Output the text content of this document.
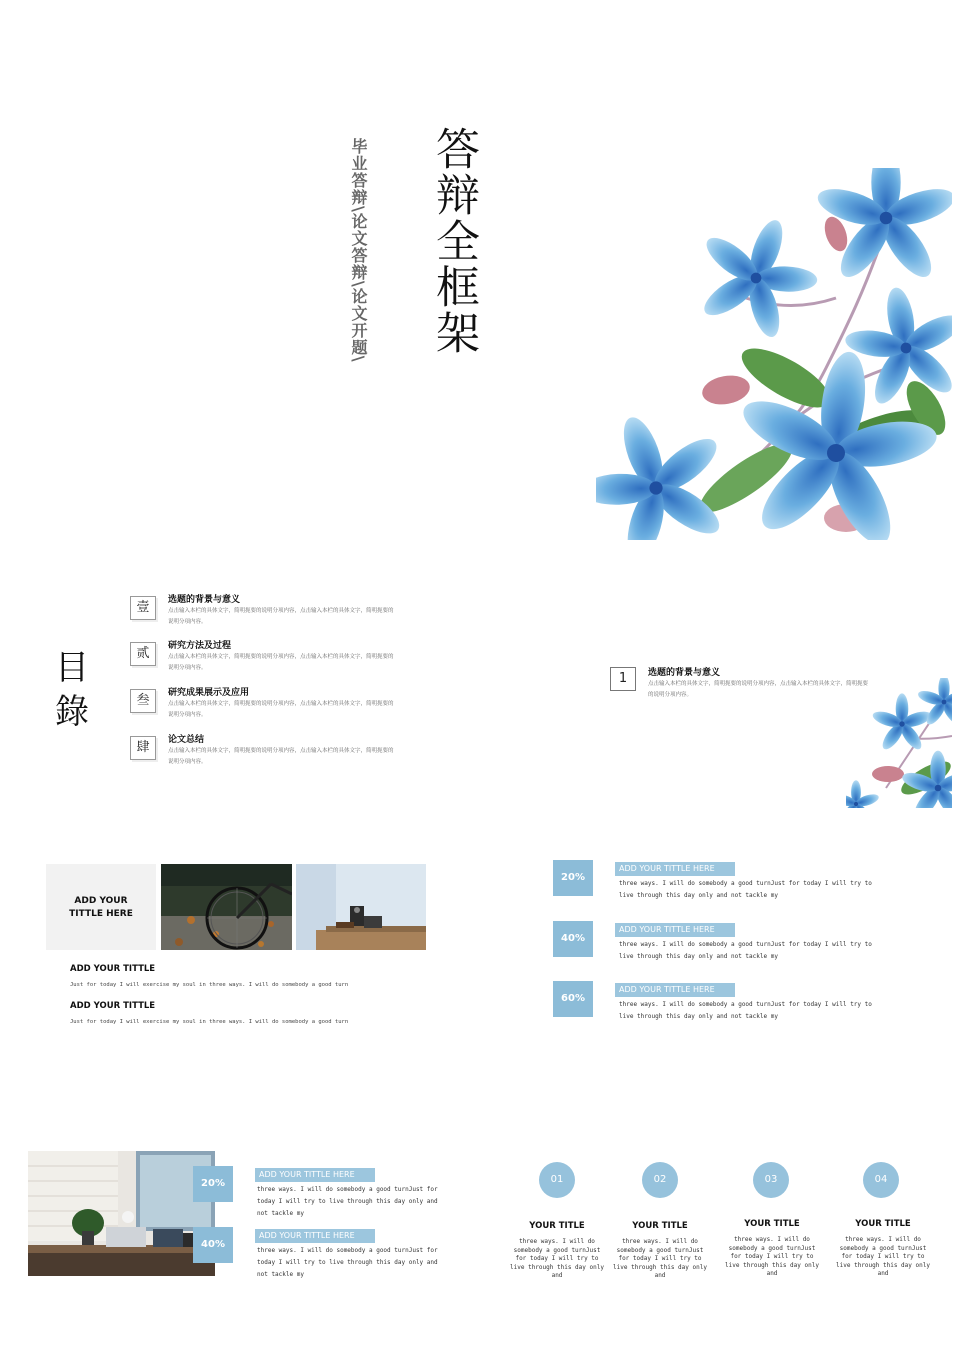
答辩全框架
毕业答辩\论文答辩\论文开题\
目錄
壹	选题的背景与意义
点击输入本栏的具体文字，简明扼要的说明分项内容，点击输入本栏的具体文字，简明扼要的说明分项内容。
贰	研究方法及过程
点击输入本栏的具体文字，简明扼要的说明分项内容，点击输入本栏的具体文字，简明扼要的说明分项内容。
叁	研究成果展示及应用
点击输入本栏的具体文字，简明扼要的说明分项内容，点击输入本栏的具体文字，简明扼要的说明分项内容。
肆	论文总结
点击输入本栏的具体文字，简明扼要的说明分项内容，点击输入本栏的具体文字，简明扼要的说明分项内容。
1	选题的背景与意义
点击输入本栏的具体文字，简明扼要的说明分项内容，点击输入本栏的具体文字，简明扼要的说明分项内容。
ADD YOUR
TITTLE HERE
ADD YOUR TITTLE
Just for today I will exercise my soul in three ways. I will do somebody a good turn
ADD YOUR TITTLE
Just for today I will exercise my soul in three ways. I will do somebody a good turn
20%
ADD YOUR TITTLE HERE
three ways. I will do somebody a good turnJust for today I will try to live through this day only and not tackle my
40%
ADD YOUR TITTLE HERE
three ways. I will do somebody a good turnJust for today I will try to live through this day only and not tackle my
60%
ADD YOUR TITTLE HERE
three ways. I will do somebody a good turnJust for today I will try to live through this day only and not tackle my
20%
ADD YOUR TITTLE HERE
three ways. I will do somebody a good turnJust for today I will try to live through this day only and not tackle my
40%
ADD YOUR TITTLE HERE
three ways. I will do somebody a good turnJust for today I will try to live through this day only and not tackle my
01
YOUR TITLE
three ways. I will do somebody a good turnJust for today I will try to live through this day only and
02
YOUR TITLE
three ways. I will do somebody a good turnJust for today I will try to live through this day only and
03
YOUR TITLE
three ways. I will do somebody a good turnJust for today I will try to live through this day only and
04
YOUR TITLE
three ways. I will do somebody a good turnJust for today I will try to live through this day only and
